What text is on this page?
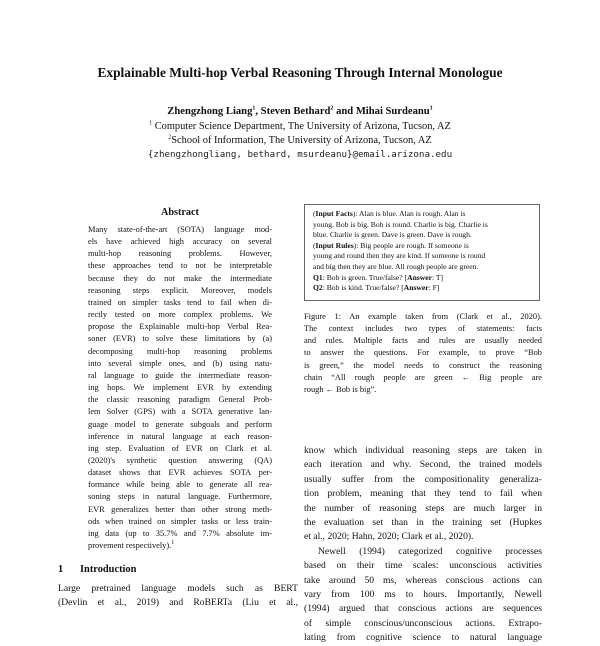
Explainable Multi-hop Verbal Reasoning Through Internal Monologue
Zhengzhong Liang$^1$, Steven Bethard$^2$ and Mihai Surdeanu$^1$
$^1$ Computer Science Department, The University of Arizona, Tucson, AZ
$^2$School of Information, The University of Arizona, Tucson, AZ
{zhengzhongliang, bethard, msurdeanu}@email.arizona.edu
Abstract
Many state-of-the-art (SOTA) language mod-
els have achieved high accuracy on several
multi-hop reasoning problems. However,
these approaches tend to not be interpretable
because they do not make the intermediate
reasoning steps explicit. Moreover, models
trained on simpler tasks tend to fail when di-
rectly tested on more complex problems. We
propose the Explainable multi-hop Verbal Rea-
soner (EVR) to solve these limitations by (a)
decomposing multi-hop reasoning problems
into several simple ones, and (b) using natu-
ral language to guide the intermediate reason-
ing hops. We implement EVR by extending
the classic reasoning paradigm General Prob-
lem Solver (GPS) with a SOTA generative lan-
guage model to generate subgoals and perform
inference in natural language at each reason-
ing step. Evaluation of EVR on Clark et al.
(2020)'s synthetic question answering (QA)
dataset shows that EVR achieves SOTA per-
formance while being able to generate all rea-
soning steps in natural language. Furthermore,
EVR generalizes better than other strong meth-
ods when trained on simpler tasks or less train-
ing data (up to 35.7% and 7.7% absolute im-
provement respectively).$^1$
1 Introduction
Large pretrained language models such as BERT
(Devlin et al., 2019) and RoBERTa (Liu et al.,
(Input Facts): Alan is blue. Alan is rough. Alan is
young. Bob is big. Bob is round. Charlie is big. Charlie is
blue. Charlie is green. Dave is green. Dave is rough.
(Input Rules): Big people are rough. If someone is
young and round then they are kind. If someone is round
and big then they are blue. All rough people are green.
Q1: Bob is green. True/false? [Answer: T]
Q2: Bob is kind. True/false? [Answer: F]
Figure 1: An example taken from (Clark et al., 2020).
The context includes two types of statements: facts
and rules. Multiple facts and rules are usually needed
to answer the questions. For example, to prove “Bob
is green,” the model needs to construct the reasoning
chain “All rough people are green ← Big people are
rough ← Bob is big”.
know which individual reasoning steps are taken in
each iteration and why. Second, the trained models
usually suffer from the compositionality generaliza-
tion problem, meaning that they tend to fail when
the number of reasoning steps are much larger in
the evaluation set than in the training set (Hupkes
et al., 2020; Hahn, 2020; Clark et al., 2020).
Newell (1994) categorized cognitive processes
based on their time scales: unconscious activities
take around 50 ms, whereas conscious actions can
vary from 100 ms to hours. Importantly, Newell
(1994) argued that conscious actions are sequences
of simple conscious/unconscious actions. Extrapo-
lating from cognitive science to natural language
